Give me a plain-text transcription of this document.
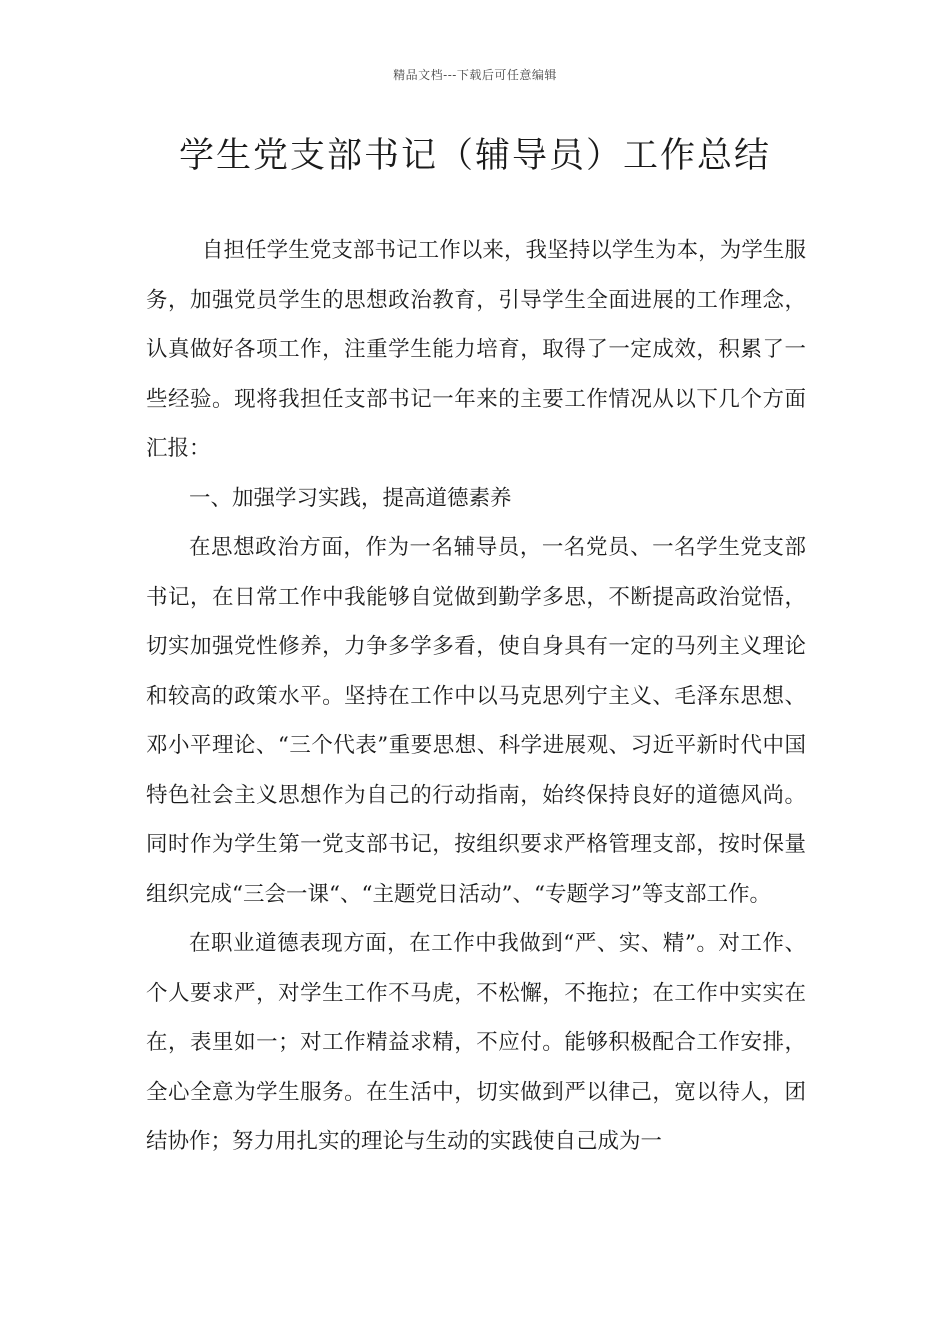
精品文档---下载后可任意编辑
学生党支部书记（辅导员）工作总结

自担任学生党支部书记工作以来，我坚持以学生为本，为学生服务，加强党员学生的思想政治教育，引导学生全面进展的工作理念，认真做好各项工作，注重学生能力培育，取得了一定成效，积累了一些经验。现将我担任支部书记一年来的主要工作情况从以下几个方面汇报：

一、加强学习实践，提高道德素养

在思想政治方面，作为一名辅导员，一名党员、一名学生党支部书记，在日常工作中我能够自觉做到勤学多思，不断提高政治觉悟，切实加强党性修养，力争多学多看，使自身具有一定的马列主义理论和较高的政策水平。坚持在工作中以马克思列宁主义、毛泽东思想、邓小平理论、“三个代表”重要思想、科学进展观、习近平新时代中国特色社会主义思想作为自己的行动指南，始终保持良好的道德风尚。同时作为学生第一党支部书记，按组织要求严格管理支部，按时保量组织完成“三会一课“、“主题党日活动”、“专题学习”等支部工作。

在职业道德表现方面，在工作中我做到“严、实、精”。对工作、个人要求严，对学生工作不马虎，不松懈，不拖拉；在工作中实实在在，表里如一；对工作精益求精，不应付。能够积极配合工作安排，全心全意为学生服务。在生活中，切实做到严以律己，宽以待人，团结协作；努力用扎实的理论与生动的实践使自己成为一
